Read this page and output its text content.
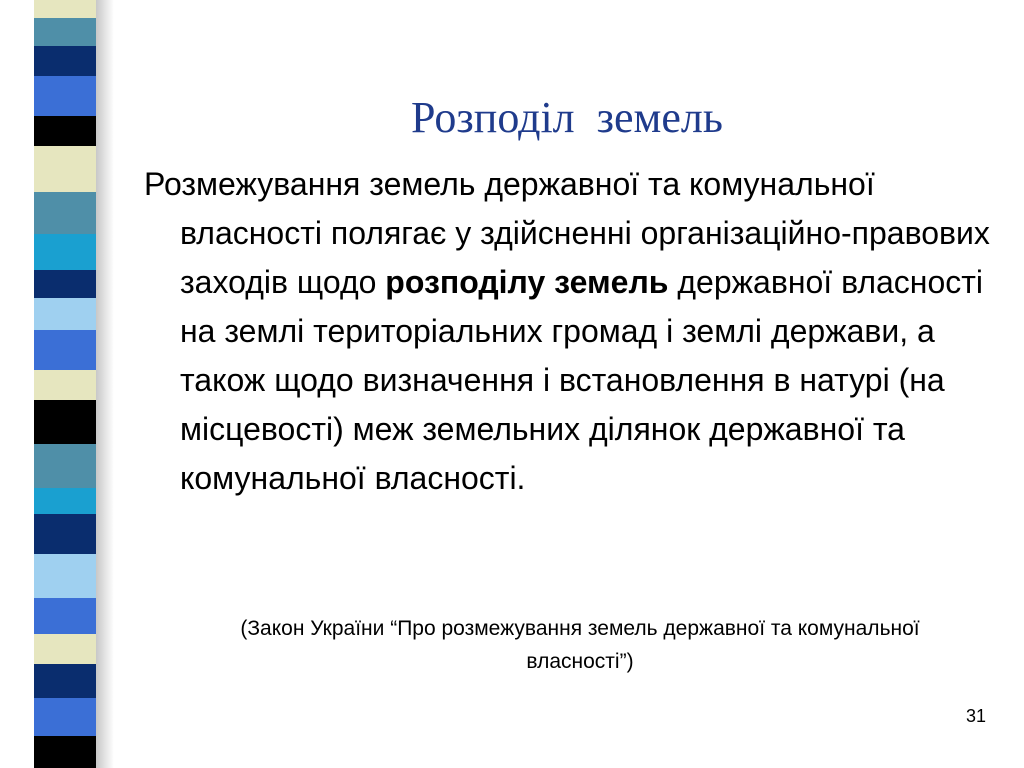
Розподіл  земель

Розмежування земель державної та комунальної  власності полягає у здійсненні організаційно-правових заходів щодо розподілу земель державної власності на землі територіальних громад і землі держави, а також щодо визначення і встановлення в натурі (на місцевості) меж земельних ділянок державної та комунальної власності.

(Закон України “Про розмежування земель державної та комунальної власності”)
31
